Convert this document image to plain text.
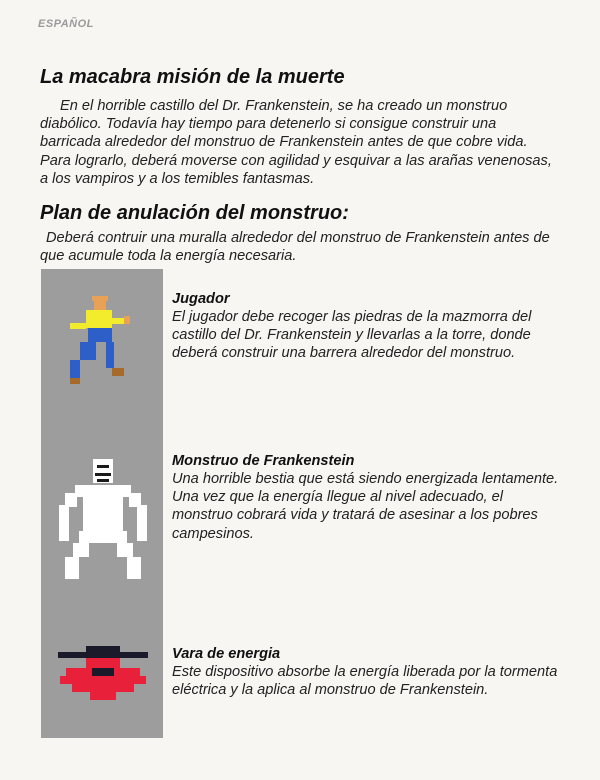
ESPAÑOL
La macabra misión de la muerte

En el horrible castillo del Dr. Frankenstein, se ha creado un monstruo diabólico. Todavía hay tiempo para detenerlo si consigue construir una barricada alrededor del monstruo de Frankenstein antes de que cobre vida. Para lograrlo, deberá moverse con agilidad y esquivar a las arañas venenosas, a los vampiros y a los temibles fantasmas.

Plan de anulación del monstruo:

Deberá contruir una muralla alrededor del monstruo de Frankenstein antes de que acumule toda la energía necesaria.

Jugador
El jugador debe recoger las piedras de la mazmorra del castillo del Dr. Frankenstein y llevarlas a la torre, donde deberá construir una barrera alrededor del monstruo.
Monstruo de Frankenstein
Una horrible bestia que está siendo energizada lentamente. Una vez que la energía llegue al nivel adecuado, el monstruo cobrará vida y tratará de asesinar a los pobres campesinos.
Vara de energia
Este dispositivo absorbe la energía liberada por la tormenta eléctrica y la aplica al monstruo de Frankenstein.
